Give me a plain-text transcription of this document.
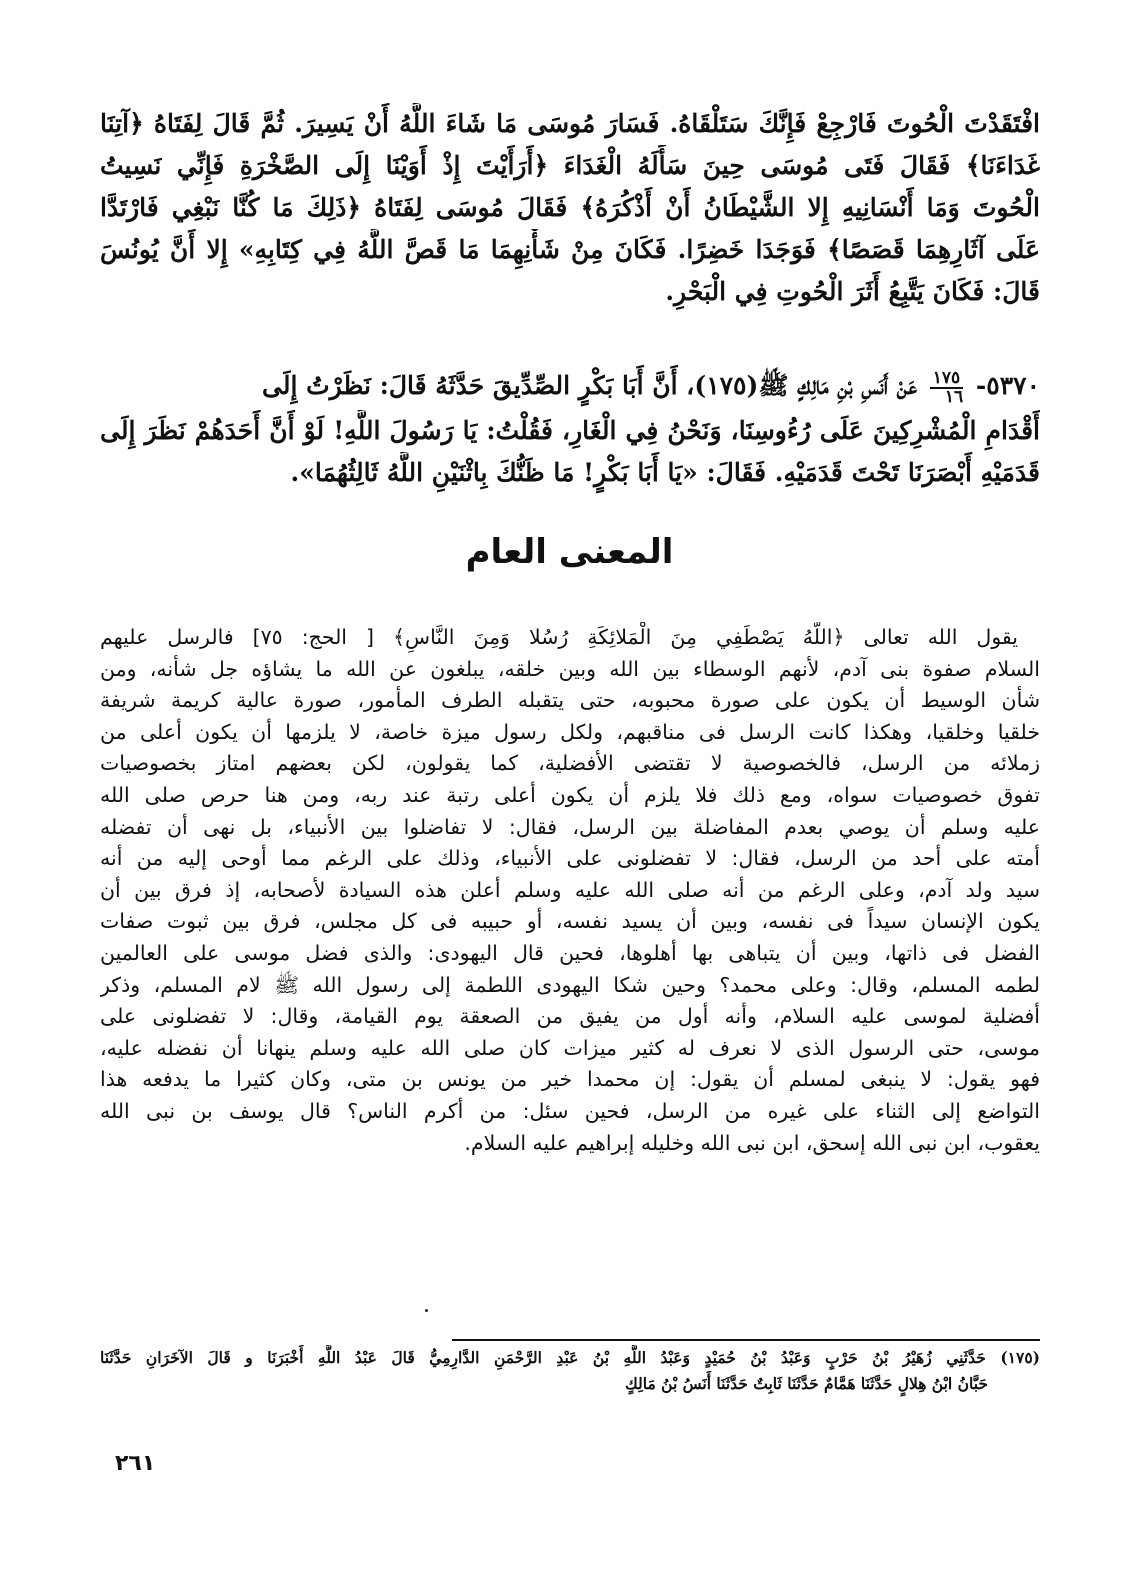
افْتَقَدْتَ الْحُوتَ فَارْجِعْ فَإِنَّكَ سَتَلْقَاهُ. فَسَارَ مُوسَى مَا شَاءَ اللَّهُ أَنْ يَسِيرَ. ثُمَّ قَالَ لِفَتَاهُ ﴿آتِنَا
غَدَاءَنَا﴾ فَقَالَ فَتَى مُوسَى حِينَ سَأَلَهُ الْغَدَاءَ ﴿أَرَأَيْتَ إِذْ أَوَيْنَا إِلَى الصَّخْرَةِ فَإِنِّي نَسِيتُ
الْحُوتَ وَمَا أَنْسَانِيهِ إِلا الشَّيْطَانُ أَنْ أَذْكُرَهُ﴾ فَقَالَ مُوسَى لِفَتَاهُ ﴿ذَلِكَ مَا كُنَّا نَبْغِي فَارْتَدَّا
عَلَى آثَارِهِمَا قَصَصًا﴾ فَوَجَدَا خَضِرًا. فَكَانَ مِنْ شَأْنِهِمَا مَا قَصَّ اللَّهُ فِي كِتَابِهِ» إِلا أَنَّ يُونُسَ
قَالَ: فَكَانَ يَتَّبِعُ أَثَرَ الْحُوتِ فِي الْبَحْرِ.
٥٣٧٠-
$\frac{١٧٥}{١٦}$
عَنْ أَنَسِ بْنِ مَالِكٍ ﷺ(١٧٥)، أَنَّ أَبَا بَكْرٍ الصِّدِّيقَ حَدَّثَهُ قَالَ: نَظَرْتُ إِلَى
أَقْدَامِ الْمُشْرِكِينَ عَلَى رُءُوسِنَا، وَنَحْنُ فِي الْغَارِ، فَقُلْتُ: يَا رَسُولَ اللَّهِ! لَوْ أَنَّ أَحَدَهُمْ نَظَرَ إِلَى
قَدَمَيْهِ أَبْصَرَنَا تَحْتَ قَدَمَيْهِ. فَقَالَ: «يَا أَبَا بَكْرٍ! مَا ظَنُّكَ بِاثْنَيْنِ اللَّهُ ثَالِثُهُمَا».
المعنى العام
يقول الله تعالى ﴿اللَّهُ يَصْطَفِي مِنَ الْمَلائِكَةِ رُسُلا وَمِنَ النَّاسِ﴾ [ الحج: ٧٥] فالرسل عليهم
السلام صفوة بنى آدم، لأنهم الوسطاء بين الله وبين خلقه، يبلغون عن الله ما يشاؤه جل شأنه، ومن
شأن الوسيط أن يكون على صورة محبوبه، حتى يتقبله الطرف المأمور، صورة عالية كريمة شريفة
خلقيا وخلقيا، وهكذا كانت الرسل فى مناقبهم، ولكل رسول ميزة خاصة، لا يلزمها أن يكون أعلى من
زملائه من الرسل، فالخصوصية لا تقتضى الأفضلية، كما يقولون، لكن بعضهم امتاز بخصوصيات
تفوق خصوصيات سواه، ومع ذلك فلا يلزم أن يكون أعلى رتبة عند ربه، ومن هنا حرص صلى الله
عليه وسلم أن يوصي بعدم المفاضلة بين الرسل، فقال: لا تفاضلوا بين الأنبياء، بل نهى أن تفضله
أمته على أحد من الرسل، فقال: لا تفضلونى على الأنبياء، وذلك على الرغم مما أوحى إليه من أنه
سيد ولد آدم، وعلى الرغم من أنه صلى الله عليه وسلم أعلن هذه السيادة لأصحابه، إذ فرق بين أن
يكون الإنسان سيداً فى نفسه، وبين أن يسيد نفسه، أو حبيبه فى كل مجلس، فرق بين ثبوت صفات
الفضل فى ذاتها، وبين أن يتباهى بها أهلوها، فحين قال اليهودى: والذى فضل موسى على العالمين
لطمه المسلم، وقال: وعلى محمد؟ وحين شكا اليهودى اللطمة إلى رسول الله ﷺ لام المسلم، وذكر
أفضلية لموسى عليه السلام، وأنه أول من يفيق من الصعقة يوم القيامة، وقال: لا تفضلونى على
موسى، حتى الرسول الذى لا نعرف له كثير ميزات كان صلى الله عليه وسلم ينهانا أن نفضله عليه،
فهو يقول: لا ينبغى لمسلم أن يقول: إن محمدا خير من يونس بن متى، وكان كثيرا ما يدفعه هذا
التواضع إلى الثناء على غيره من الرسل، فحين سئل: من أكرم الناس؟ قال يوسف بن نبى الله
يعقوب، ابن نبى الله إسحق، ابن نبى الله وخليله إبراهيم عليه السلام.
(١٧٥) حَدَّثَنِي زُهَيْرُ بْنُ حَرْبٍ وَعَبْدُ بْنُ حُمَيْدٍ وَعَبْدُ اللَّهِ بْنُ عَبْدِ الرَّحْمَنِ الدَّارِمِيُّ قَالَ عَبْدُ اللَّهِ أَخْبَرَنَا و قَالَ الآخَرَانِ حَدَّثَنَا
حَبَّانُ ابْنُ هِلالٍ حَدَّثَنَا هَمَّامٌ حَدَّثَنَا ثَابِتٌ حَدَّثَنَا أَنَسُ بْنُ مَالِكٍ
٢٦١
